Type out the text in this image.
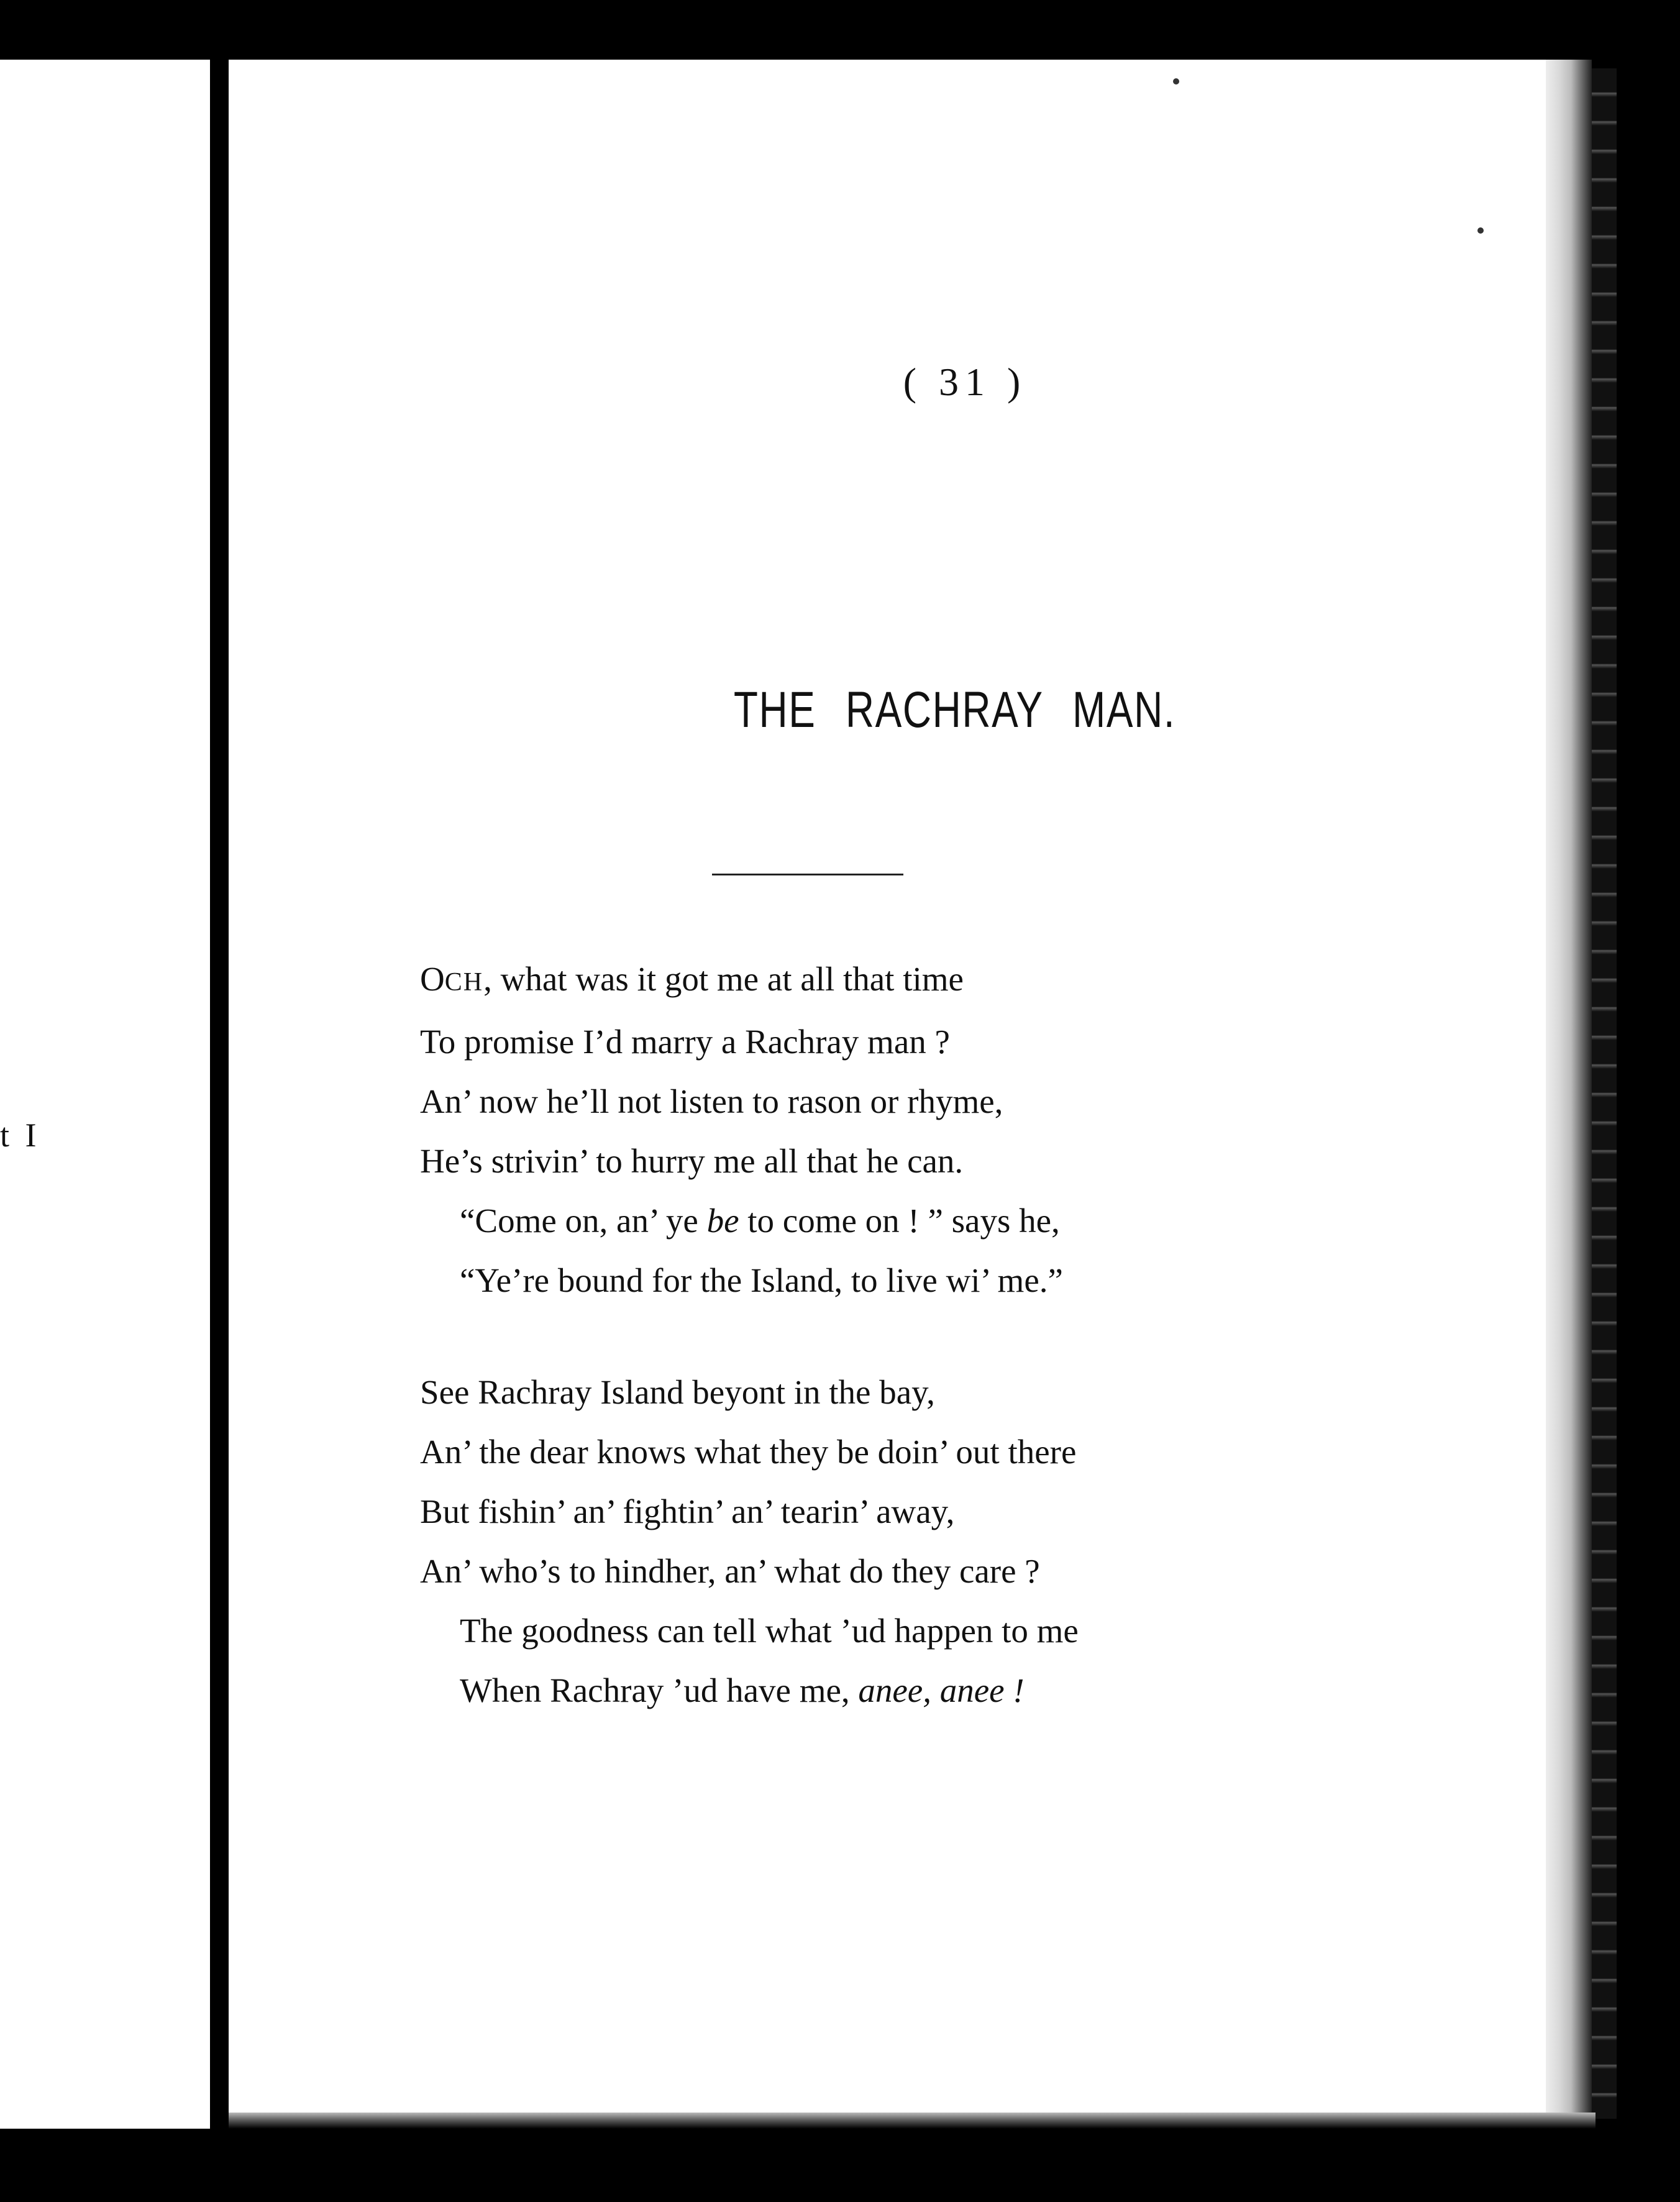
t I
( 31 )
THE RACHRAY MAN.
OCH, what was it got me at all that time
To promise I’d marry a Rachray man ?
An’ now he’ll not listen to rason or rhyme,
He’s strivin’ to hurry me all that he can.
“Come on, an’ ye be to come on ! ” says he,
“Ye’re bound for the Island, to live wi’ me.”
See Rachray Island beyont in the bay,
An’ the dear knows what they be doin’ out there
But fishin’ an’ fightin’ an’ tearin’ away,
An’ who’s to hindher, an’ what do they care ?
The goodness can tell what ’ud happen to me
When Rachray ’ud have me, anee, anee !
